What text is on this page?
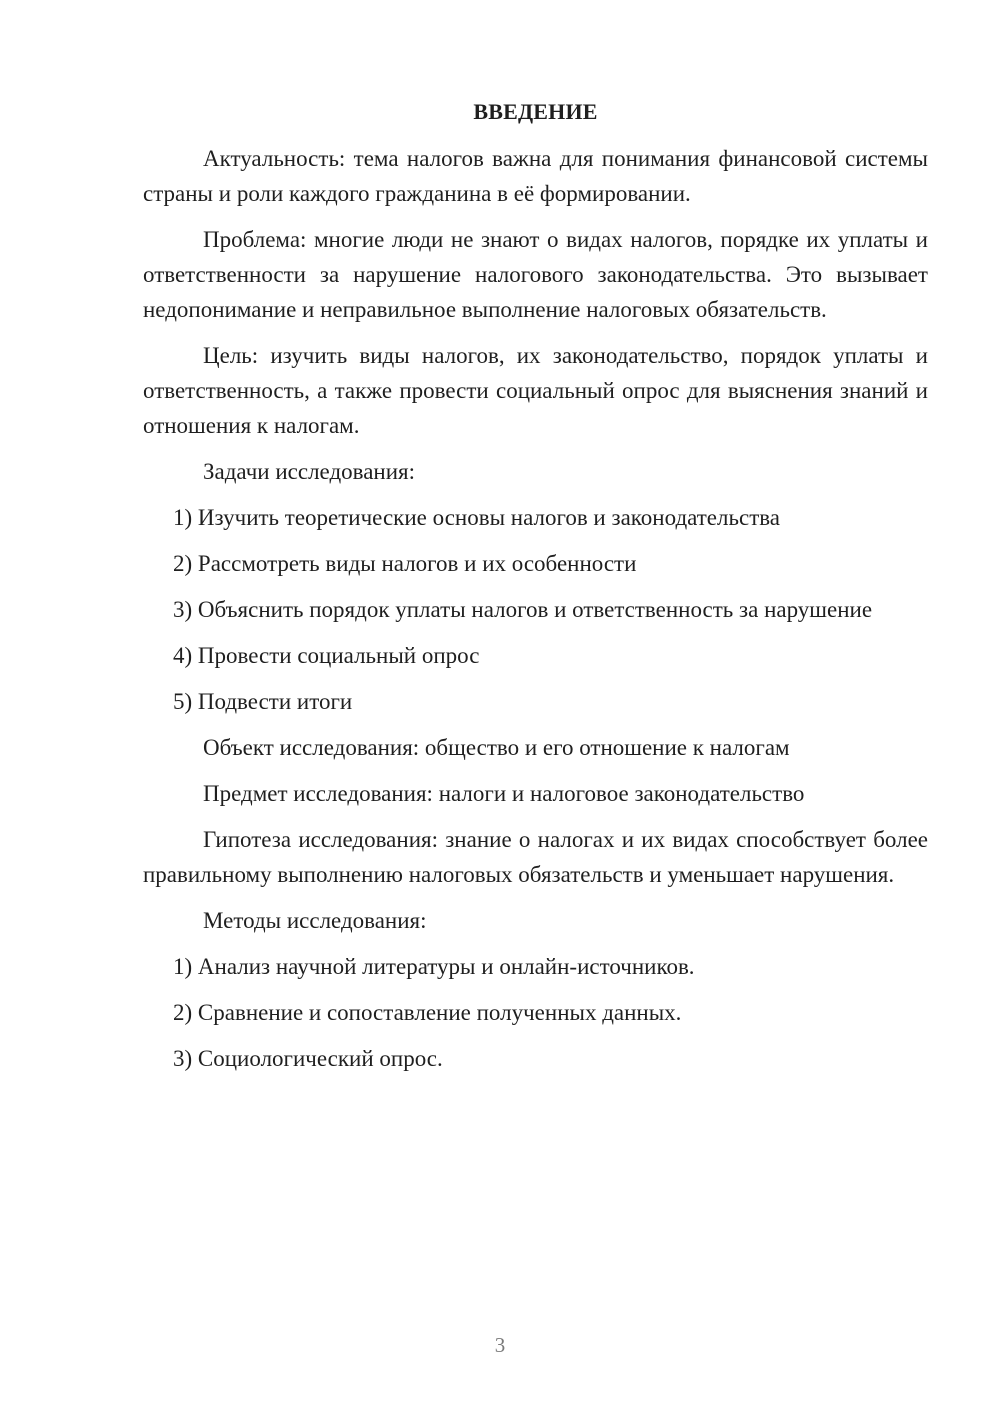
ВВЕДЕНИЕ

Актуальность: тема налогов важна для понимания финансовой системы страны и роли каждого гражданина в её формировании.

Проблема: многие люди не знают о видах налогов, порядке их уплаты и ответственности за нарушение налогового законодательства. Это вызывает недопонимание и неправильное выполнение налоговых обязательств.

Цель: изучить виды налогов, их законодательство, порядок уплаты и ответственность, а также провести социальный опрос для выяснения знаний и отношения к налогам.

Задачи исследования:

1) Изучить теоретические основы налогов и законодательства

2) Рассмотреть виды налогов и их особенности

3) Объяснить порядок уплаты налогов и ответственность за нарушение

4) Провести социальный опрос

5) Подвести итоги

Объект исследования: общество и его отношение к налогам

Предмет исследования: налоги и налоговое законодательство

Гипотеза исследования: знание о налогах и их видах способствует более правильному выполнению налоговых обязательств и уменьшает нарушения.

Методы исследования:

1) Анализ научной литературы и онлайн-источников.

2) Сравнение и сопоставление полученных данных.

3) Социологический опрос.

3
